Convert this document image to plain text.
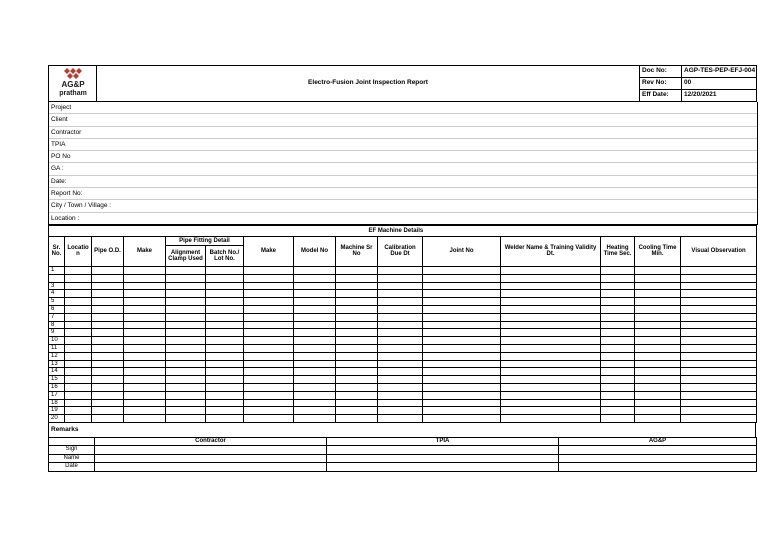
AG&P
pratham	Electro-Fusion Joint Inspection Report	Doc No:	AGP-TES-PEP-EFJ-004
		Rev No:	00
		Eff Date:	12/20/2021
Project
Client
Contractor
TPIA
PO No
GA :
Date:
Report No:
City / Town / Village :
Location :
							EF Machine Details							
Sr. No.	Locatio n	Pipe O.D.	Make	Pipe Fitting Detail		Make	Model No	Machine Sr No	Calibration Due Dt	Joint No	Welder Name & Training Validity Dt.	Heating Time Sec.	Cooling Time Min.	Visual Observation
				Alignment Clamp Used	Batch No./ Lot No.									
1														

3														
4														
5														
6														
7														
8														
9														
10														
11														
12														
13														
14														
15														
16														
17														
18														
19														
20														
Remarks
	Contractor	TPIA	AG&P
Sign			
Name			
Date			
